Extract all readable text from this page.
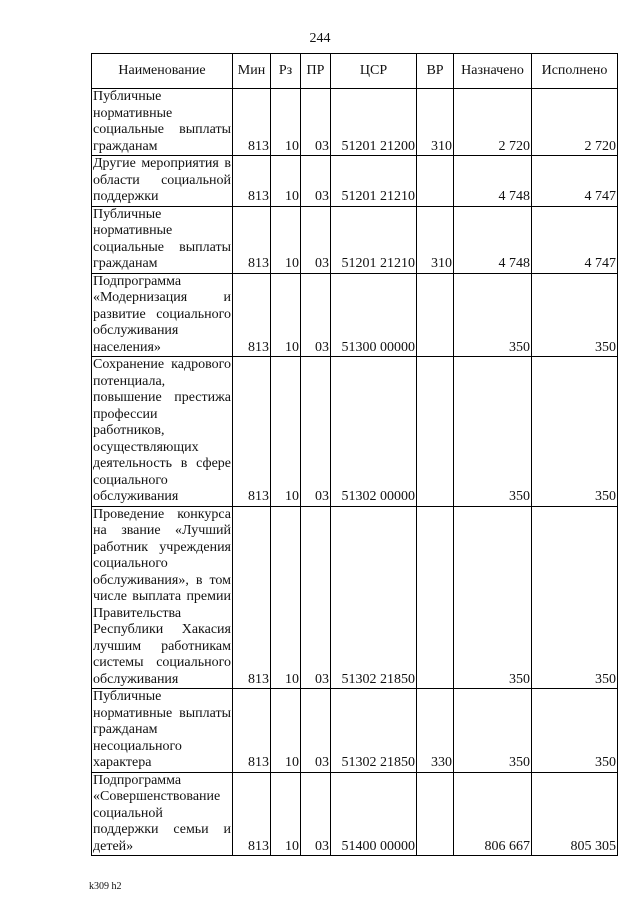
244
Наименование	Мин	Рз	ПР	ЦСР	ВР	Назначено	Исполнено
Публичные нормативные социальные выплаты гражданам	813	10	03	51201 21200	310	2 720	2 720
Другие мероприятия в области социальной поддержки	813	10	03	51201 21210		4 748	4 747
Публичные нормативные социальные выплаты гражданам	813	10	03	51201 21210	310	4 748	4 747
Подпрограмма «Модернизация и развитие социального обслуживания населения»	813	10	03	51300 00000		350	350
Сохранение кадрового потенциала, повышение престижа профессии работников, осуществляющих деятельность в сфере социального обслуживания	813	10	03	51302 00000		350	350
Проведение конкурса на звание «Лучший работник учреждения социального обслуживания», в том числе выплата премии Правительства Республики Хакасия лучшим работникам системы социального обслуживания	813	10	03	51302 21850		350	350
Публичные нормативные выплаты гражданам несоциального характера	813	10	03	51302 21850	330	350	350
Подпрограмма «Совершенствование социальной поддержки семьи и детей»	813	10	03	51400 00000		806 667	805 305
k309 h2
